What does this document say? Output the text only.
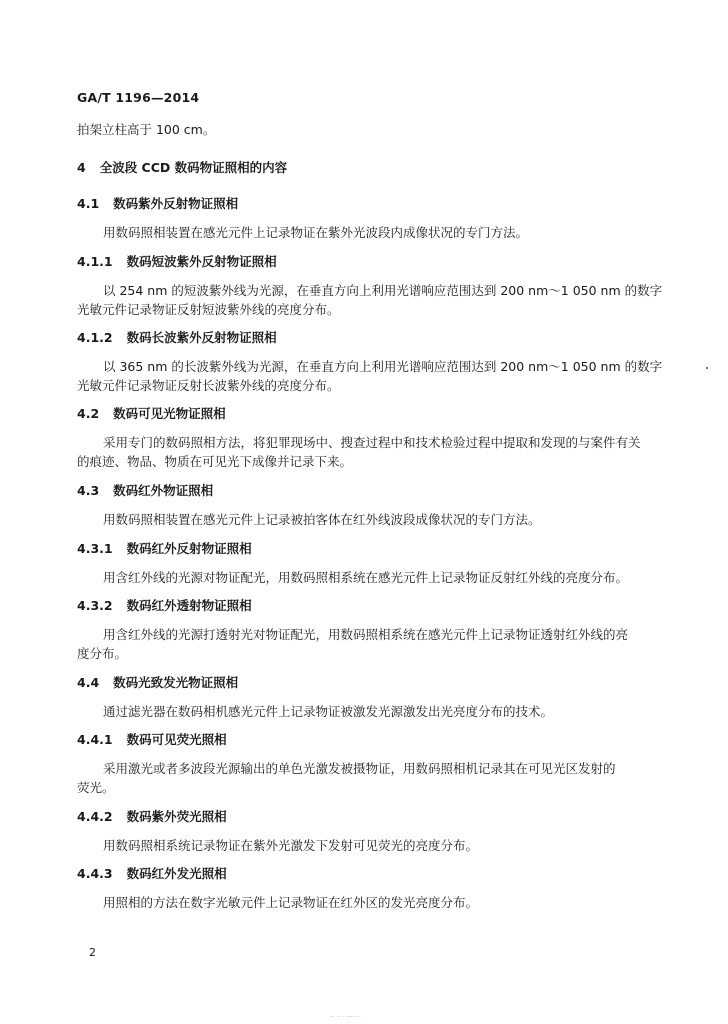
GA/T 1196—2014
拍架立柱高于 100 cm。
4 全波段 CCD 数码物证照相的内容
4.1 数码紫外反射物证照相
用数码照相装置在感光元件上记录物证在紫外光波段内成像状况的专门方法。
4.1.1 数码短波紫外反射物证照相
以 254 nm 的短波紫外线为光源，在垂直方向上利用光谱响应范围达到 200 nm～1 050 nm 的数字
光敏元件记录物证反射短波紫外线的亮度分布。
4.1.2 数码长波紫外反射物证照相
以 365 nm 的长波紫外线为光源，在垂直方向上利用光谱响应范围达到 200 nm～1 050 nm 的数字
光敏元件记录物证反射长波紫外线的亮度分布。
4.2 数码可见光物证照相
采用专门的数码照相方法，将犯罪现场中、搜查过程中和技术检验过程中提取和发现的与案件有关
的痕迹、物品、物质在可见光下成像并记录下来。
4.3 数码红外物证照相
用数码照相装置在感光元件上记录被拍客体在红外线波段成像状况的专门方法。
4.3.1 数码红外反射物证照相
用含红外线的光源对物证配光，用数码照相系统在感光元件上记录物证反射红外线的亮度分布。
4.3.2 数码红外透射物证照相
用含红外线的光源打透射光对物证配光，用数码照相系统在感光元件上记录物证透射红外线的亮
度分布。
4.4 数码光致发光物证照相
通过滤光器在数码相机感光元件上记录物证被激发光源激发出光亮度分布的技术。
4.4.1 数码可见荧光照相
采用激光或者多波段光源输出的单色光激发被摄物证，用数码照相机记录其在可见光区发射的
荧光。
4.4.2 数码紫外荧光照相
用数码照相系统记录物证在紫外光激发下发射可见荧光的亮度分布。
4.4.3 数码红外发光照相
用照相的方法在数字光敏元件上记录物证在红外区的发光亮度分布。
2
·-· ··· · ·-·- ····
